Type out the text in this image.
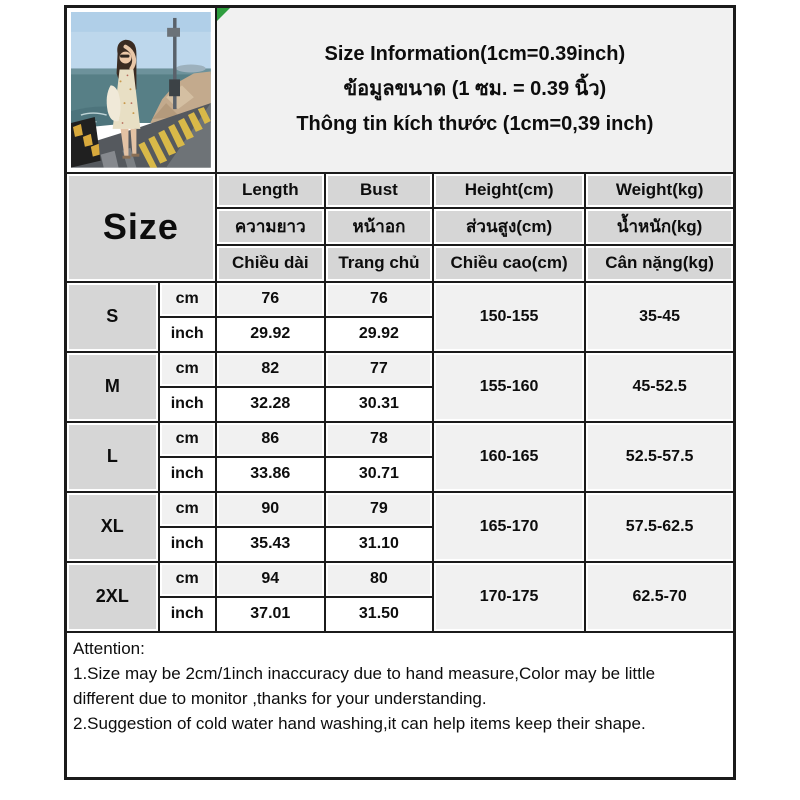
Size Information(1cm=0.39inch)
ข้อมูลขนาด (1 ซม. = 0.39 นิ้ว)
Thông tin kích thước (1cm=0,39 inch)			

Size		Length	Bust	Height(cm)	Weight(kg)
		ความยาว	หน้าอก	ส่วนสูง(cm)	น้ำหนัก(kg)
		Chiều dài	Trang chủ	Chiều cao(cm)	Cân nặng(kg)
S	cm	76	76	150-155	35-45
	inch	29.92	29.92		
M	cm	82	77	155-160	45-52.5
	inch	32.28	30.31		
L	cm	86	78	160-165	52.5-57.5
	inch	33.86	30.71		
XL	cm	90	79	165-170	57.5-62.5
	inch	35.43	31.10		
2XL	cm	94	80	170-175	62.5-70
	inch	37.01	31.50		

Attention:
1.Size may be 2cm/1inch inaccuracy due to hand measure,Color may be little
different due to monitor ,thanks for your understanding.
2.Suggestion of cold water hand washing,it can help items keep their shape.					
